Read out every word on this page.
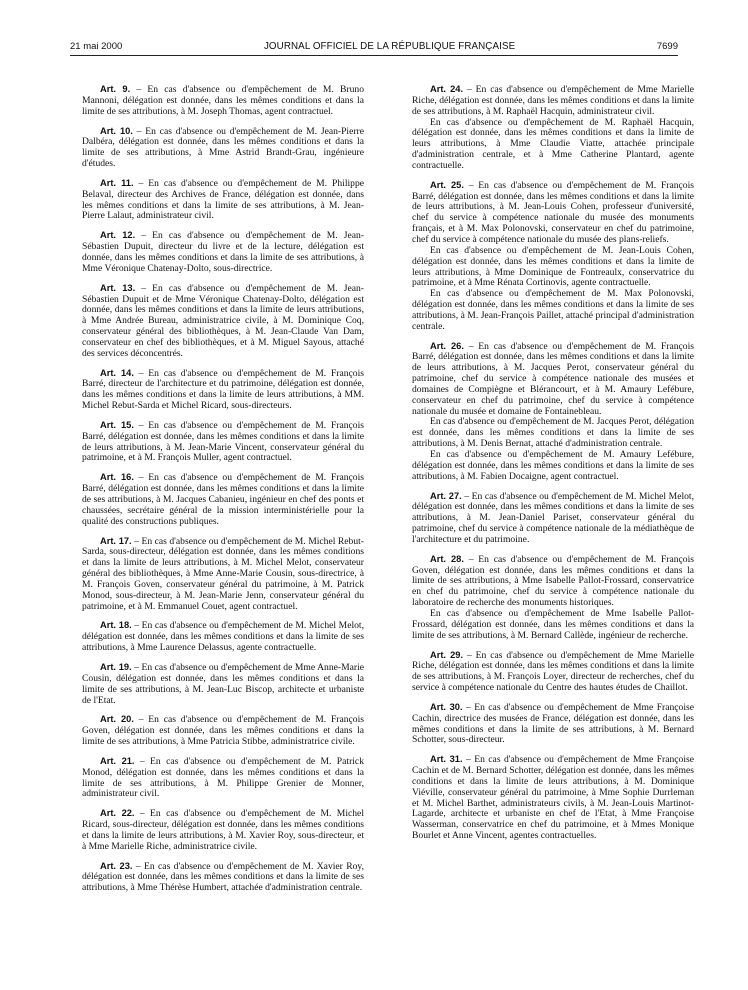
21 mai 2000	JOURNAL OFFICIEL DE LA RÉPUBLIQUE FRANÇAISE	7699

Art. 9. – En cas d'absence ou d'empêchement de M. Bruno Mannoni, délégation est donnée, dans les mêmes conditions et dans la limite de ses attributions, à M. Joseph Thomas, agent contractuel.

Art. 10. – En cas d'absence ou d'empêchement de M. Jean-Pierre Dalbéra, délégation est donnée, dans les mêmes conditions et dans la limite de ses attributions, à Mme Astrid Brandt-Grau, ingénieure d'études.

Art. 11. – En cas d'absence ou d'empêchement de M. Philippe Belaval, directeur des Archives de France, délégation est donnée, dans les mêmes conditions et dans la limite de ses attributions, à M. Jean-Pierre Lalaut, administrateur civil.

Art. 12. – En cas d'absence ou d'empêchement de M. Jean-Sébastien Dupuit, directeur du livre et de la lecture, délégation est donnée, dans les mêmes conditions et dans la limite de ses attributions, à Mme Véronique Chatenay-Dolto, sous-directrice.

Art. 13. – En cas d'absence ou d'empêchement de M. Jean-Sébastien Dupuit et de Mme Véronique Chatenay-Dolto, délégation est donnée, dans les mêmes conditions et dans la limite de leurs attributions, à Mme Andrée Bureau, administratrice civile, à M. Dominique Coq, conservateur général des bibliothèques, à M. Jean-Claude Van Dam, conservateur en chef des bibliothèques, et à M. Miguel Sayous, attaché des services déconcentrés.

Art. 14. – En cas d'absence ou d'empêchement de M. François Barré, directeur de l'architecture et du patrimoine, délégation est donnée, dans les mêmes conditions et dans la limite de leurs attributions, à MM. Michel Rebut-Sarda et Michel Ricard, sous-directeurs.

Art. 15. – En cas d'absence ou d'empêchement de M. François Barré, délégation est donnée, dans les mêmes conditions et dans la limite de leurs attributions, à M. Jean-Marie Vincent, conservateur général du patrimoine, et à M. François Muller, agent contractuel.

Art. 16. – En cas d'absence ou d'empêchement de M. François Barré, délégation est donnée, dans les mêmes conditions et dans la limite de ses attributions, à M. Jacques Cabanieu, ingénieur en chef des ponts et chaussées, secrétaire général de la mission interministérielle pour la qualité des constructions publiques.

Art. 17. – En cas d'absence ou d'empêchement de M. Michel Rebut-Sarda, sous-directeur, délégation est donnée, dans les mêmes conditions et dans la limite de leurs attributions, à M. Michel Melot, conservateur général des bibliothèques, à Mme Anne-Marie Cousin, sous-directrice, à M. François Goven, conservateur général du patrimoine, à M. Patrick Monod, sous-directeur, à M. Jean-Marie Jenn, conservateur général du patrimoine, et à M. Emmanuel Couet, agent contractuel.

Art. 18. – En cas d'absence ou d'empêchement de M. Michel Melot, délégation est donnée, dans les mêmes conditions et dans la limite de ses attributions, à Mme Laurence Delassus, agente contractuelle.

Art. 19. – En cas d'absence ou d'empêchement de Mme Anne-Marie Cousin, délégation est donnée, dans les mêmes conditions et dans la limite de ses attributions, à M. Jean-Luc Biscop, architecte et urbaniste de l'Etat.

Art. 20. – En cas d'absence ou d'empêchement de M. François Goven, délégation est donnée, dans les mêmes conditions et dans la limite de ses attributions, à Mme Patricia Stibbe, administratrice civile.

Art. 21. – En cas d'absence ou d'empêchement de M. Patrick Monod, délégation est donnée, dans les mêmes conditions et dans la limite de ses attributions, à M. Philippe Grenier de Monner, administrateur civil.

Art. 22. – En cas d'absence ou d'empêchement de M. Michel Ricard, sous-directeur, délégation est donnée, dans les mêmes conditions et dans la limite de leurs attributions, à M. Xavier Roy, sous-directeur, et à Mme Marielle Riche, administratrice civile.

Art. 23. – En cas d'absence ou d'empêchement de M. Xavier Roy, délégation est donnée, dans les mêmes conditions et dans la limite de ses attributions, à Mme Thérèse Humbert, attachée d'administration centrale.

Art. 24. – En cas d'absence ou d'empêchement de Mme Marielle Riche, délégation est donnée, dans les mêmes conditions et dans la limite de ses attributions, à M. Raphaël Hacquin, administrateur civil.

En cas d'absence ou d'empêchement de M. Raphaël Hacquin, délégation est donnée, dans les mêmes conditions et dans la limite de leurs attributions, à Mme Claudie Viatte, attachée principale d'administration centrale, et à Mme Catherine Plantard, agente contractuelle.

Art. 25. – En cas d'absence ou d'empêchement de M. François Barré, délégation est donnée, dans les mêmes conditions et dans la limite de leurs attributions, à M. Jean-Louis Cohen, professeur d'université, chef du service à compétence nationale du musée des monuments français, et à M. Max Polonovski, conservateur en chef du patrimoine, chef du service à compétence nationale du musée des plans-reliefs.

En cas d'absence ou d'empêchement de M. Jean-Louis Cohen, délégation est donnée, dans les mêmes conditions et dans la limite de leurs attributions, à Mme Dominique de Fontreaulx, conservatrice du patrimoine, et à Mme Rénata Cortinovis, agente contractuelle.

En cas d'absence ou d'empêchement de M. Max Polonovski, délégation est donnée, dans les mêmes conditions et dans la limite de ses attributions, à M. Jean-François Paillet, attaché principal d'administration centrale.

Art. 26. – En cas d'absence ou d'empêchement de M. François Barré, délégation est donnée, dans les mêmes conditions et dans la limite de leurs attributions, à M. Jacques Perot, conservateur général du patrimoine, chef du service à compétence nationale des musées et domaines de Compiègne et Blérancourt, et à M. Amaury Lefébure, conservateur en chef du patrimoine, chef du service à compétence nationale du musée et domaine de Fontainebleau.

En cas d'absence ou d'empêchement de M. Jacques Perot, délégation est donnée, dans les mêmes conditions et dans la limite de ses attributions, à M. Denis Bernat, attaché d'administration centrale.

En cas d'absence ou d'empêchement de M. Amaury Lefébure, délégation est donnée, dans les mêmes conditions et dans la limite de ses attributions, à M. Fabien Docaigne, agent contractuel.

Art. 27. – En cas d'absence ou d'empêchement de M. Michel Melot, délégation est donnée, dans les mêmes conditions et dans la limite de ses attributions, à M. Jean-Daniel Pariset, conservateur général du patrimoine, chef du service à compétence nationale de la médiathèque de l'architecture et du patrimoine.

Art. 28. – En cas d'absence ou d'empêchement de M. François Goven, délégation est donnée, dans les mêmes conditions et dans la limite de ses attributions, à Mme Isabelle Pallot-Frossard, conservatrice en chef du patrimoine, chef du service à compétence nationale du laboratoire de recherche des monuments historiques.

En cas d'absence ou d'empêchement de Mme Isabelle Pallot-Frossard, délégation est donnée, dans les mêmes conditions et dans la limite de ses attributions, à M. Bernard Callède, ingénieur de recherche.

Art. 29. – En cas d'absence ou d'empêchement de Mme Marielle Riche, délégation est donnée, dans les mêmes conditions et dans la limite de ses attributions, à M. François Loyer, directeur de recherches, chef du service à compétence nationale du Centre des hautes études de Chaillot.

Art. 30. – En cas d'absence ou d'empêchement de Mme Françoise Cachin, directrice des musées de France, délégation est donnée, dans les mêmes conditions et dans la limite de ses attributions, à M. Bernard Schotter, sous-directeur.

Art. 31. – En cas d'absence ou d'empêchement de Mme Françoise Cachin et de M. Bernard Schotter, délégation est donnée, dans les mêmes conditions et dans la limite de leurs attributions, à M. Dominique Viéville, conservateur général du patrimoine, à Mme Sophie Durrleman et M. Michel Barthet, administrateurs civils, à M. Jean-Louis Martinot-Lagarde, architecte et urbaniste en chef de l'Etat, à Mme Françoise Wasserman, conservatrice en chef du patrimoine, et à Mmes Monique Bourlet et Anne Vincent, agentes contractuelles.
